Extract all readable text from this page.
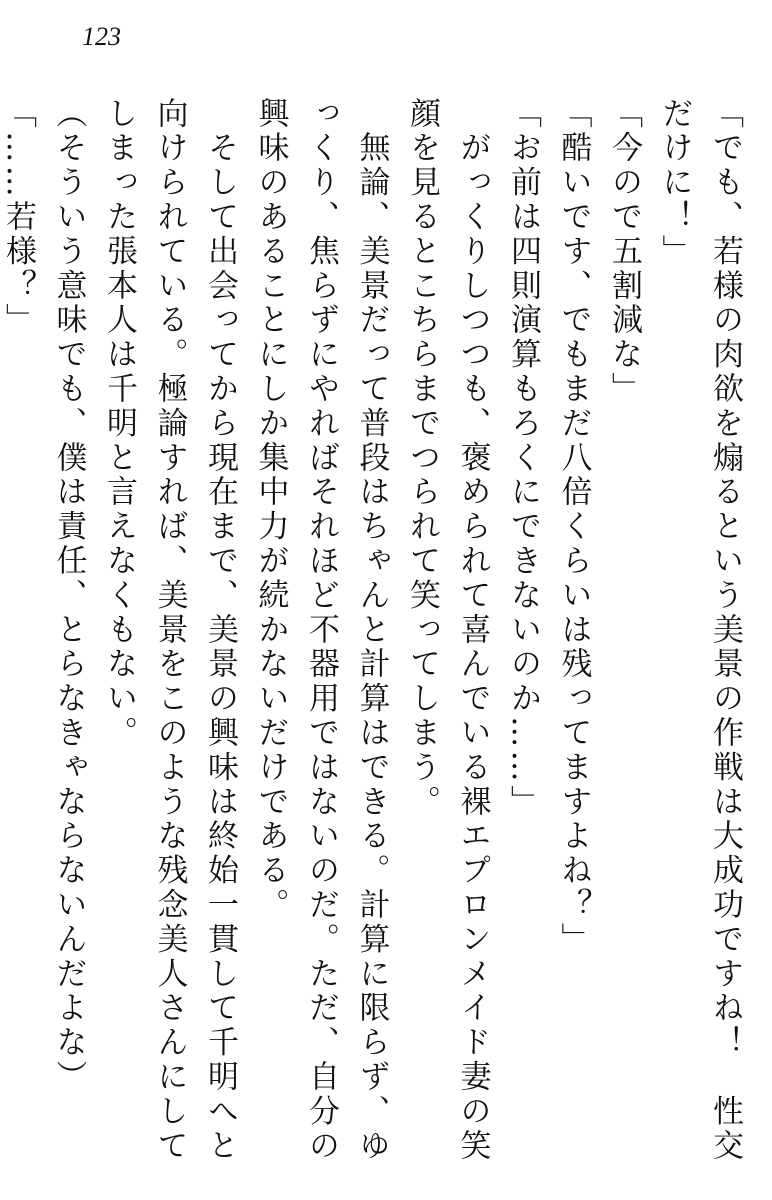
123

「でも、若様の肉欲を煽るという美景の作戦は大成功ですね！　性交だけに！」

「今ので五割減な」

「酷いです、でもまだ八倍くらいは残ってますよね？」

「お前は四則演算もろくにできないのか……」

　がっくりしつつも、褒められて喜んでいる裸エプロンメイド妻の笑顔を見るとこちらまでつられて笑ってしまう。

　無論、美景だって普段はちゃんと計算はできる。計算に限らず、ゆっくり、焦らずにやればそれほど不器用ではないのだ。ただ、自分の興味のあることにしか集中力が続かないだけである。

　そして出会ってから現在まで、美景の興味は終始一貫して千明へと向けられている。極論すれば、美景をこのような残念美人さんにしてしまった張本人は千明と言えなくもない。

（そういう意味でも、僕は責任、とらなきゃならないんだよな）

「……若様？」
